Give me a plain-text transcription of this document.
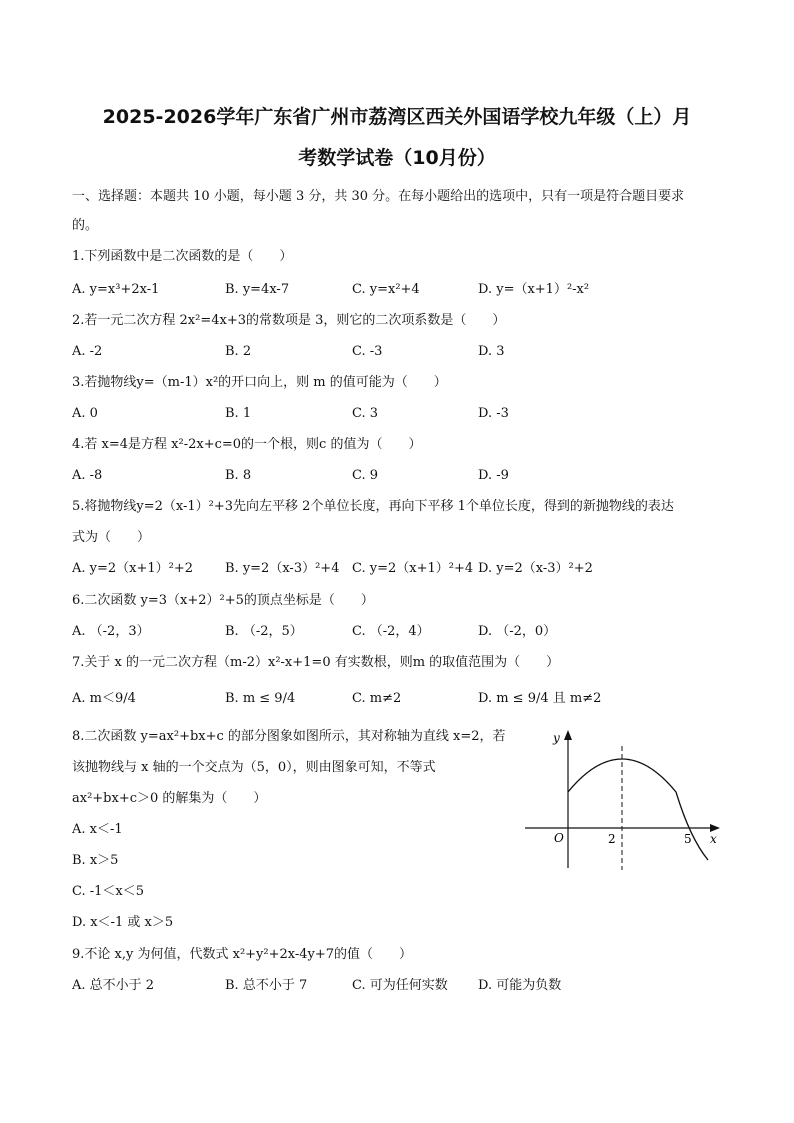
2025-2026学年广东省广州市荔湾区西关外国语学校九年级（上）月
考数学试卷（10月份）
一、选择题：本题共 10 小题，每小题 3 分，共 30 分。在每小题给出的选项中，只有一项是符合题目要求
的。
1.下列函数中是二次函数的是（　　）
A. y=x³+2x-1	B. y=4x-7	C. y=x²+4	D. y=（x+1）²-x²
2.若一元二次方程 2x²=4x+3的常数项是 3，则它的二次项系数是（　　）
A. -2	B. 2	C. -3	D. 3
3.若抛物线y=（m-1）x²的开口向上，则 m 的值可能为（　　）
A. 0	B. 1	C. 3	D. -3
4.若 x=4是方程 x²-2x+c=0的一个根，则c 的值为（　　）
A. -8	B. 8	C. 9	D. -9
5.将抛物线y=2（x-1）²+3先向左平移 2个单位长度，再向下平移 1个单位长度，得到的新抛物线的表达
式为（　　）
A. y=2（x+1）²+2 B. y=2（x-3）²+4 C. y=2（x+1）²+4 D. y=2（x-3）²+2
6.二次函数 y=3（x+2）²+5的顶点坐标是（　　）
A. （-2，3）	B. （-2，5）	C. （-2，4）	D. （-2，0）
7.关于 x 的一元二次方程（m-2）x²-x+1=0 有实数根，则m 的取值范围为（　　）
A. m＜9/4	B. m ≤ 9/4	C. m≠2	D. m ≤ 9/4 且 m≠2
8.二次函数 y=ax²+bx+c 的部分图象如图所示，其对称轴为直线 x=2，若
该抛物线与 x 轴的一个交点为（5，0），则由图象可知，不等式
ax²+bx+c＞0 的解集为（　　）
A. x＜-1
B. x＞5
C. -1＜x＜5
D. x＜-1 或 x＞5
y
x
O	2	5
9.不论 x,y 为何值，代数式 x²+y²+2x-4y+7的值（　　）
A. 总不小于 2	B. 总不小于 7	C. 可为任何实数 D. 可能为负数
